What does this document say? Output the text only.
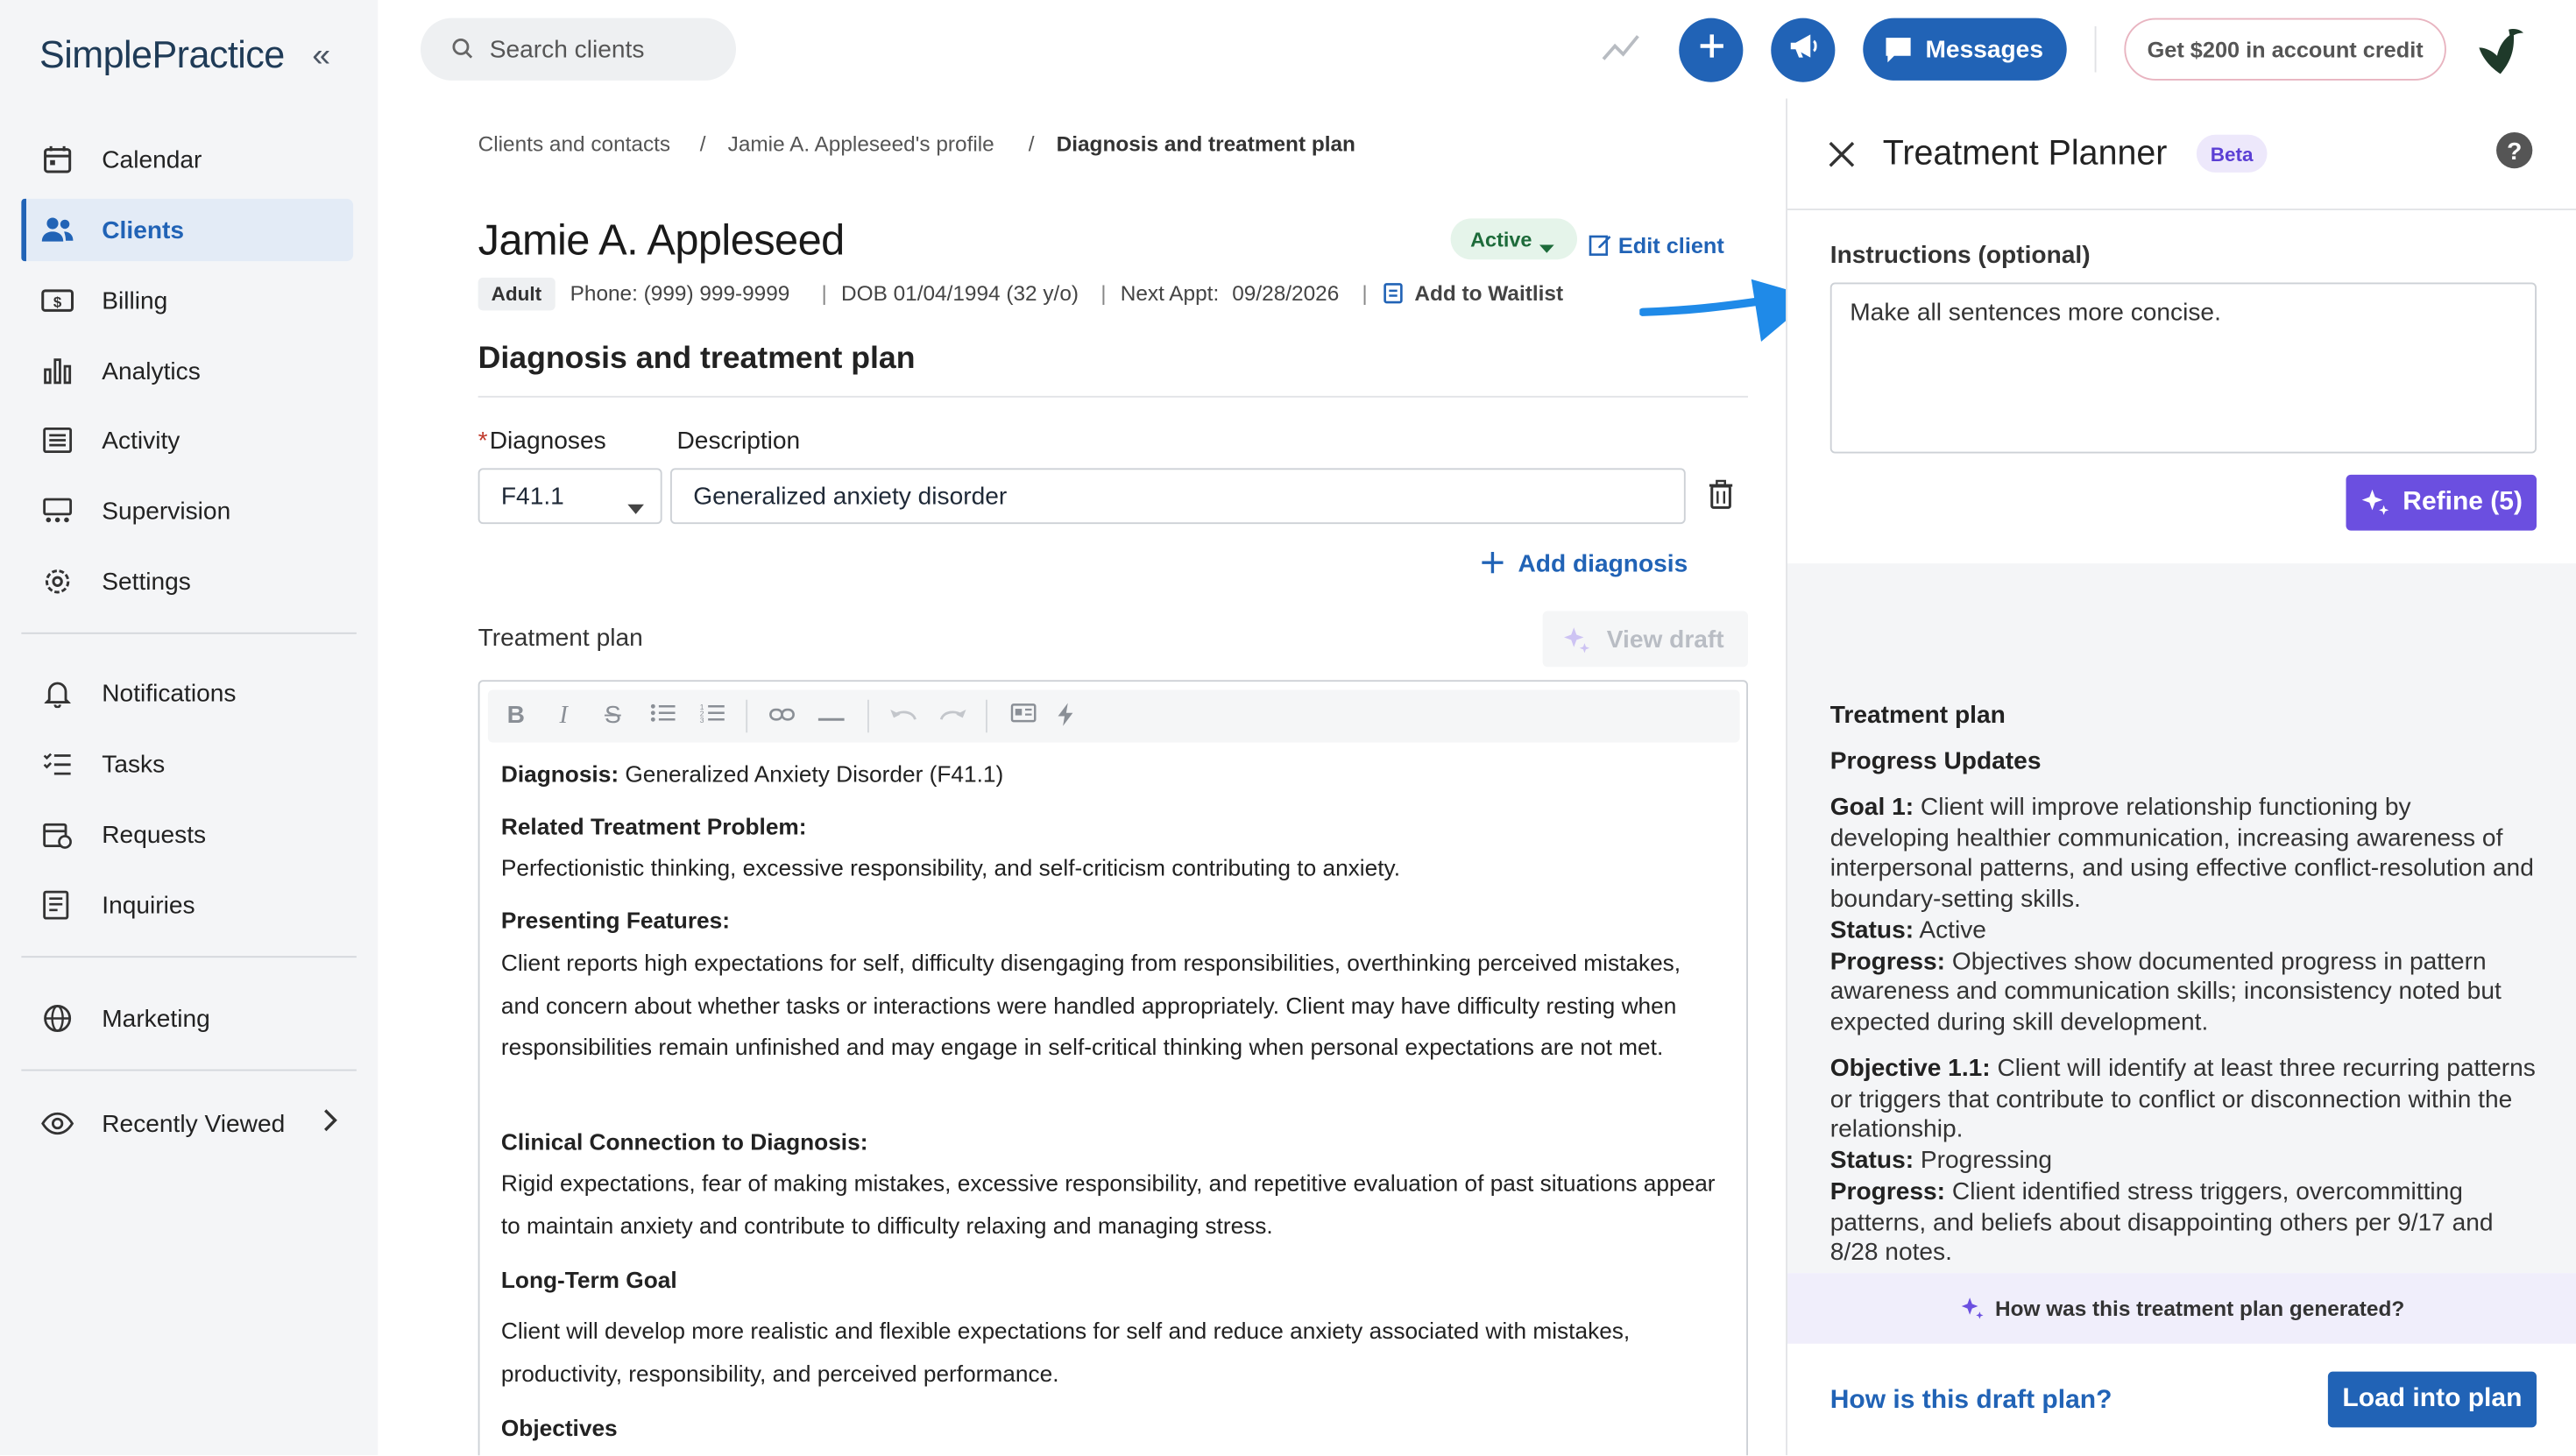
SimplePractice «
Calendar
Clients
$	Billing
Analytics
Activity
Supervision
Settings
Notifications
Tasks
Requests
Inquiries
Marketing
Recently Viewed
Search clients	Messages	Get $200 in account credit
Clients and contacts	/ Jamie A. Appleseed's profile	/ Diagnosis and treatment plan
Jamie A. Appleseed	Active	Edit client
Adult	Phone: (999) 999-9999	| DOB 01/04/1994 (32 y/o) | Next Appt: 09/28/2026 |	Add to Waitlist
Diagnosis and treatment plan
* Diagnoses	Description
F41.1	Generalized anxiety disorder
Add diagnosis
Treatment plan	View draft
B	I	S	1
2
3
Diagnosis: Generalized Anxiety Disorder (F41.1)
Related Treatment Problem:
Perfectionistic thinking, excessive responsibility, and self-criticism contributing to anxiety.
Presenting Features:
Client reports high expectations for self, difficulty disengaging from responsibilities, overthinking perceived mistakes, and concern about whether tasks or interactions were handled appropriately. Client may have difficulty resting when responsibilities remain unfinished and may engage in self-critical thinking when personal expectations are not met.
Clinical Connection to Diagnosis:
Rigid expectations, fear of making mistakes, excessive responsibility, and repetitive evaluation of past situations appear to maintain anxiety and contribute to difficulty relaxing and managing stress.
Long-Term Goal
Client will develop more realistic and flexible expectations for self and reduce anxiety associated with mistakes, productivity, responsibility, and perceived performance.
Objectives
Treatment Planner	Beta	?
Instructions (optional)
Make all sentences more concise.
Refine (5)
Treatment plan
Progress Updates
Goal 1: Client will improve relationship functioning by developing healthier communication, increasing awareness of interpersonal patterns, and using effective conflict-resolution and boundary-setting skills.
Status: Active
Progress: Objectives show documented progress in pattern awareness and communication skills; inconsistency noted but expected during skill development.
Objective 1.1: Client will identify at least three recurring patterns or triggers that contribute to conflict or disconnection within the relationship.
Status: Progressing
Progress: Client identified stress triggers, overcommitting patterns, and beliefs about disappointing others per 9/17 and 8/28 notes.
How was this treatment plan generated?
How is this draft plan?	Load into plan
